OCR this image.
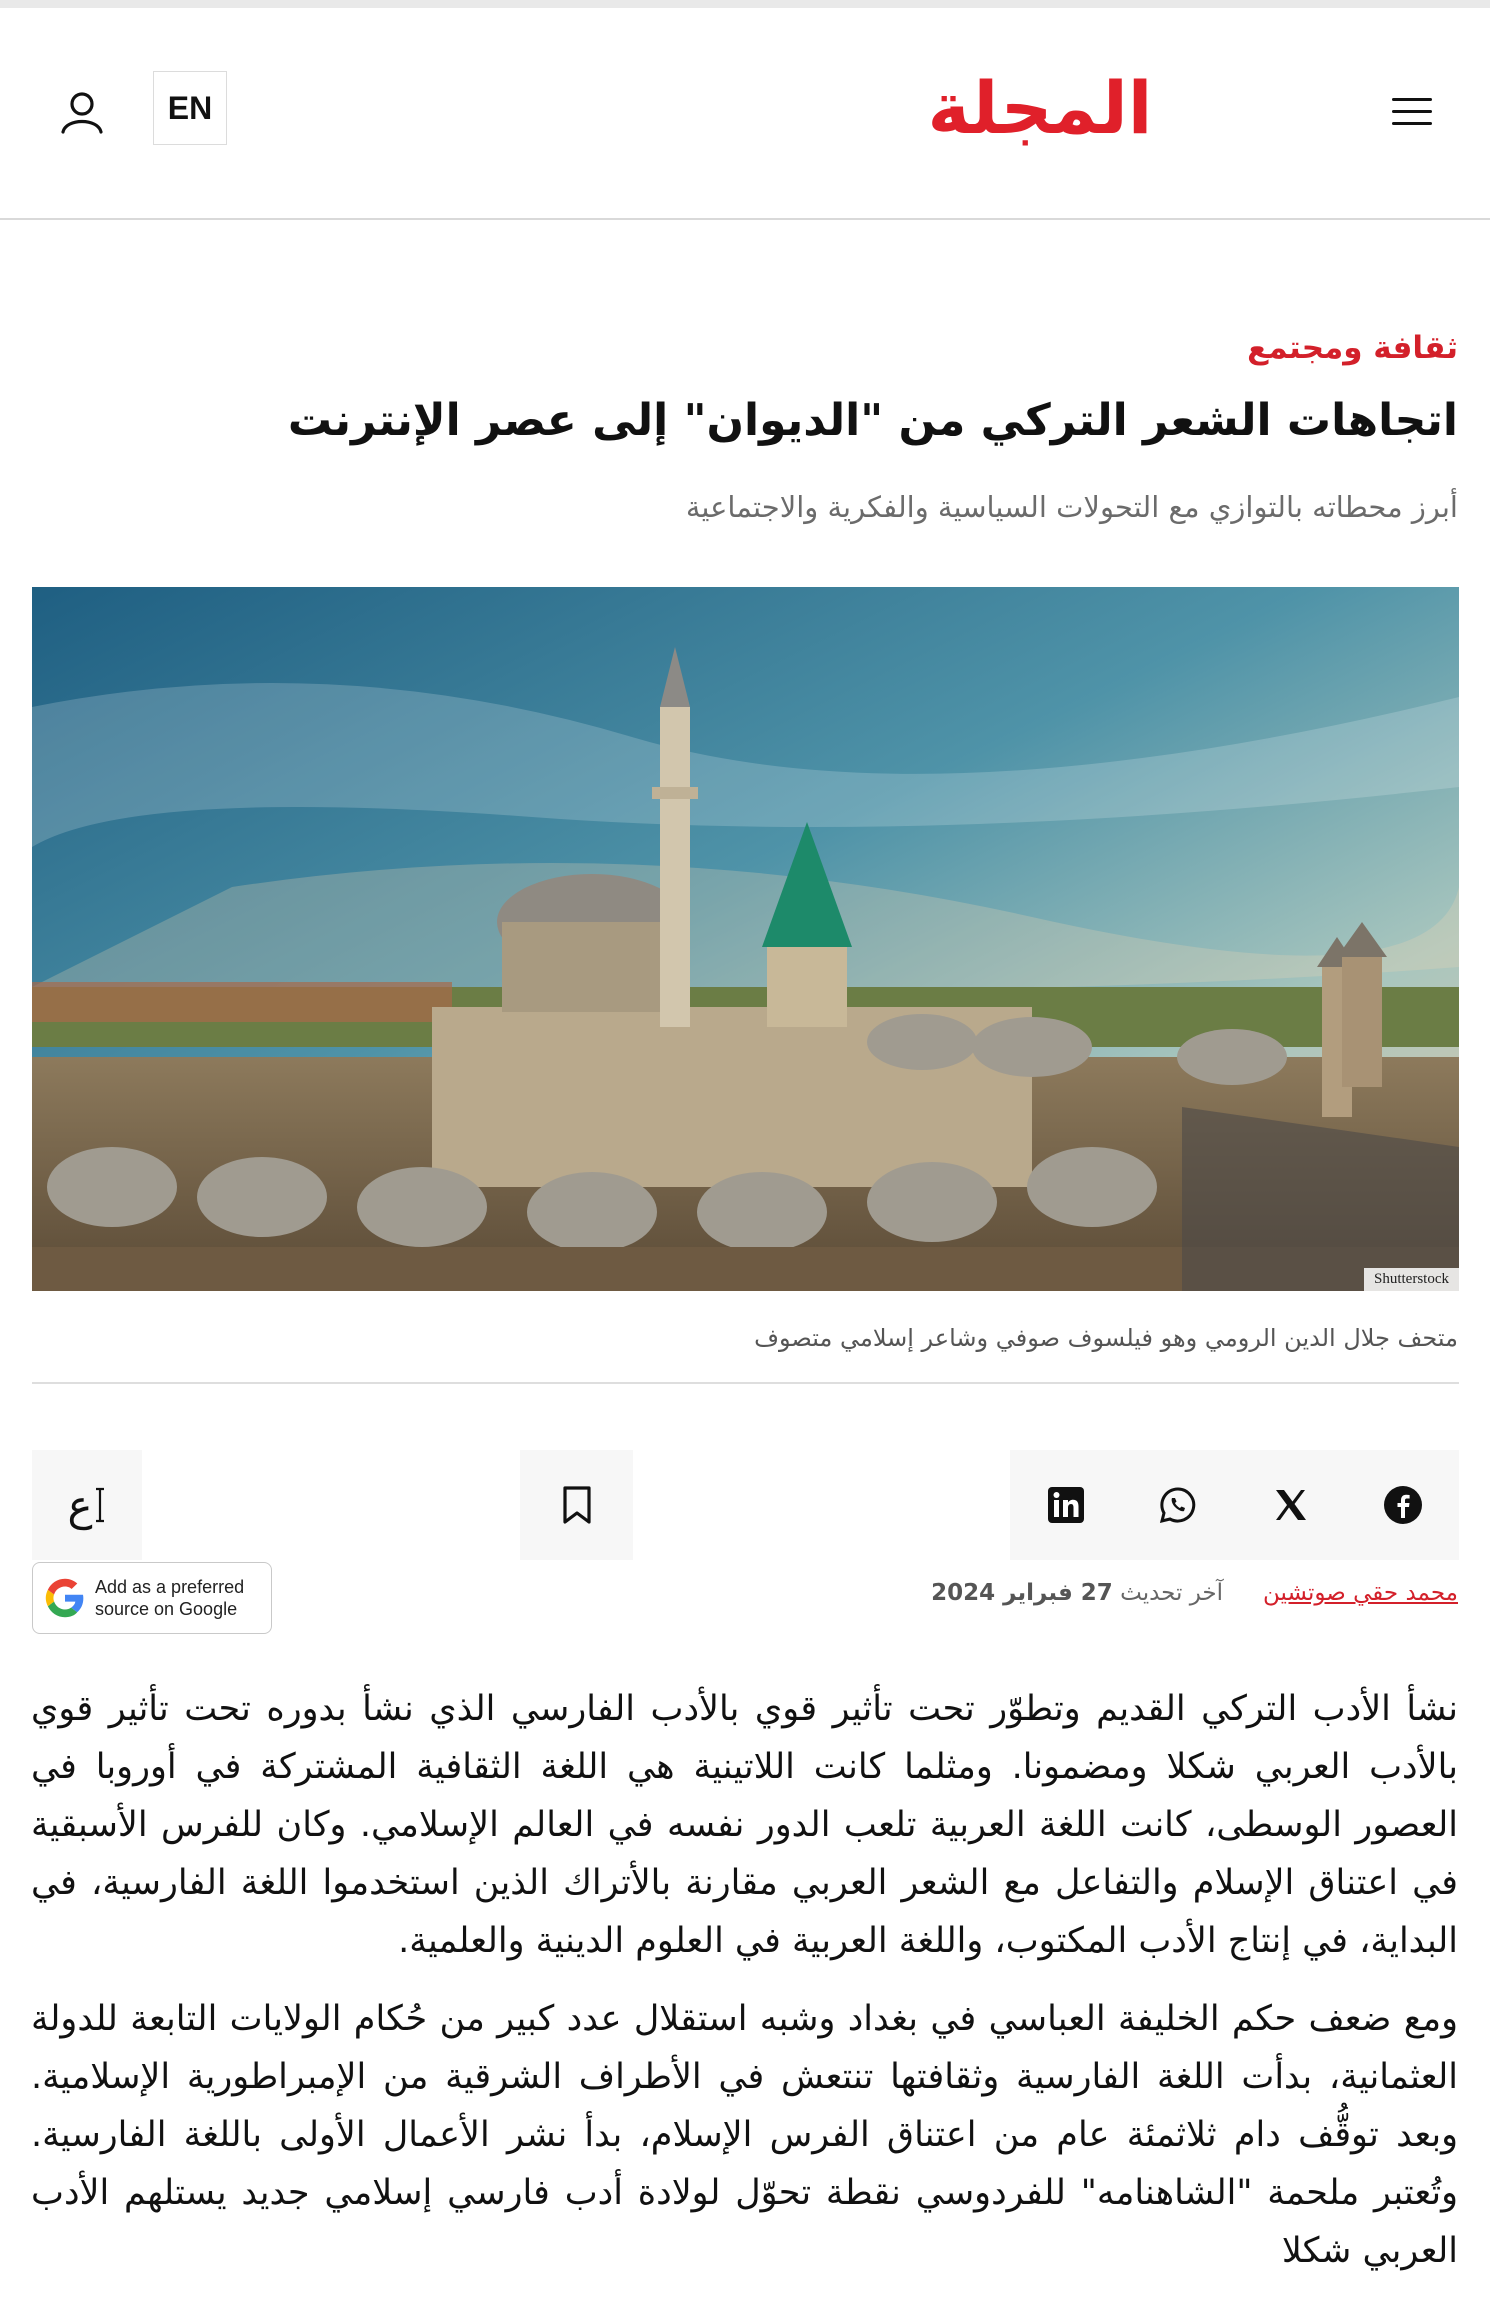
المجلة
EN
ثقافة ومجتمع
اتجاهات الشعر التركي من "الديوان" إلى عصر الإنترنت
أبرز محطاته بالتوازي مع التحولات السياسية والفكرية والاجتماعية
Shutterstock
متحف جلال الدين الرومي وهو فيلسوف صوفي وشاعر إسلامي متصوف
ع
Add as a preferred
source on Google
محمد حقي صوتشين
آخر تحديث 27 فبراير 2024

نشأ الأدب التركي القديم وتطوّر تحت تأثير قوي بالأدب الفارسي الذي نشأ بدوره تحت تأثير قوي بالأدب العربي شكلا ومضمونا. ومثلما كانت اللاتينية هي اللغة الثقافية المشتركة في أوروبا في العصور الوسطى، كانت اللغة العربية تلعب الدور نفسه في العالم الإسلامي. وكان للفرس الأسبقية في اعتناق الإسلام والتفاعل مع الشعر العربي مقارنة بالأتراك الذين استخدموا اللغة الفارسية، في البداية، في إنتاج الأدب المكتوب، واللغة العربية في العلوم الدينية والعلمية.

ومع ضعف حكم الخليفة العباسي في بغداد وشبه استقلال عدد كبير من حُكام الولايات التابعة للدولة العثمانية، بدأت اللغة الفارسية وثقافتها تنتعش في الأطراف الشرقية من الإمبراطورية الإسلامية. وبعد توقُّف دام ثلاثمئة عام من اعتناق الفرس الإسلام، بدأ نشر الأعمال الأولى باللغة الفارسية. وتُعتبر ملحمة "الشاهنامه" للفردوسي نقطة تحوّل لولادة أدب فارسي إسلامي جديد يستلهم الأدب العربي شكلا
